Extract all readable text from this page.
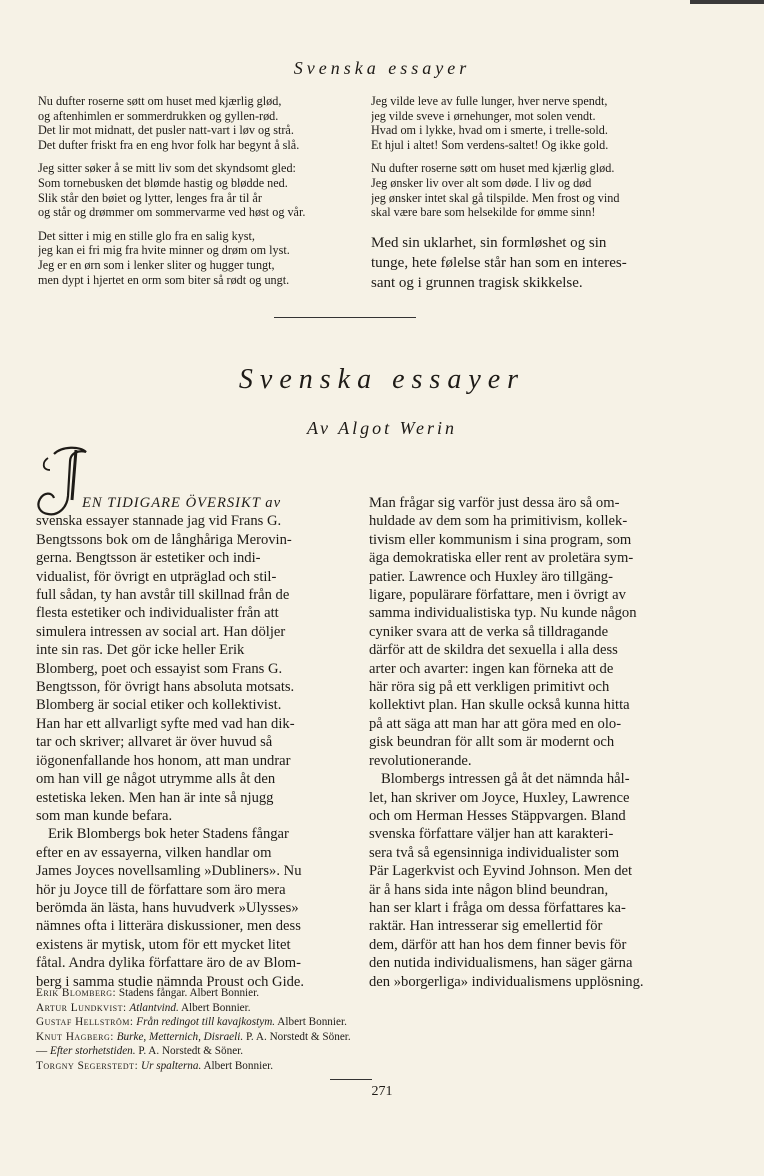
Svenska essayer

Nu dufter roserne søtt om huset med kjærlig glød,
og aftenhimlen er sommerdrukken og gyllen-rød.
Det lir mot midnatt, det pusler natt-vart i løv og strå.
Det dufter friskt fra en eng hvor folk har begynt å slå.

Jeg sitter søker å se mitt liv som det skyndsomt gled:
Som tornebusken det blømde hastig og blødde ned.
Slik står den bøiet og lytter, lenges fra år til år
og står og drømmer om sommervarme ved høst og vår.

Det sitter i mig en stille glo fra en salig kyst,
jeg kan ei fri mig fra hvite minner og drøm om lyst.
Jeg er en ørn som i lenker sliter og hugger tungt,
men dypt i hjertet en orm som biter så rødt og ungt.

Jeg vilde leve av fulle lunger, hver nerve spendt,
jeg vilde sveve i ørnehunger, mot solen vendt.
Hvad om i lykke, hvad om i smerte, i trelle-sold.
Et hjul i altet! Som verdens-saltet! Og ikke gold.

Nu dufter roserne søtt om huset med kjærlig glød.
Jeg ønsker liv over alt som døde. I liv og død
jeg ønsker intet skal gå tilspilde. Men frost og vind
skal være bare som helsekilde for ømme sinn!

Med sin uklarhet, sin formløshet og sin
tunge, hete følelse står han som en interes-
sant og i grunnen tragisk skikkelse.
Svenska essayer
Av Algot Werin
EN TIDIGARE ÖVERSIKT av
svenska essayer stannade jag vid Frans G.
Bengtssons bok om de långhåriga Merovin-
gerna. Bengtsson är estetiker och indi-
vidualist, för övrigt en utpräglad och stil-
full sådan, ty han avstår till skillnad från de
flesta estetiker och individualister från att
simulera intressen av social art. Han döljer
inte sin ras. Det gör icke heller Erik
Blomberg, poet och essayist som Frans G.
Bengtsson, för övrigt hans absoluta motsats.
Blomberg är social etiker och kollektivist.
Han har ett allvarligt syfte med vad han dik-
tar och skriver; allvaret är över huvud så
iögonenfallande hos honom, att man undrar
om han vill ge något utrymme alls åt den
estetiska leken. Men han är inte så njugg
som man kunde befara.
Erik Blombergs bok heter Stadens fångar
efter en av essayerna, vilken handlar om
James Joyces novellsamling »Dubliners». Nu
hör ju Joyce till de författare som äro mera
berömda än lästa, hans huvudverk »Ulysses»
nämnes ofta i litterära diskussioner, men dess
existens är mytisk, utom för ett mycket litet
fåtal. Andra dylika författare äro de av Blom-
berg i samma studie nämnda Proust och Gide.
Man frågar sig varför just dessa äro så om-
huldade av dem som ha primitivism, kollek-
tivism eller kommunism i sina program, som
äga demokratiska eller rent av proletära sym-
patier. Lawrence och Huxley äro tillgäng-
ligare, populärare författare, men i övrigt av
samma individualistiska typ. Nu kunde någon
cyniker svara att de verka så tilldragande
därför att de skildra det sexuella i alla dess
arter och avarter: ingen kan förneka att de
här röra sig på ett verkligen primitivt och
kollektivt plan. Han skulle också kunna hitta
på att säga att man har att göra med en olo-
gisk beundran för allt som är modernt och
revolutionerande.
Blombergs intressen gå åt det nämnda hål-
let, han skriver om Joyce, Huxley, Lawrence
och om Herman Hesses Stäppvargen. Bland
svenska författare väljer han att karakteri-
sera två så egensinniga individualister som
Pär Lagerkvist och Eyvind Johnson. Men det
är å hans sida inte någon blind beundran,
han ser klart i fråga om dessa författares ka-
raktär. Han intresserar sig emellertid för
dem, därför att han hos dem finner bevis för
den nutida individualismens, han säger gärna
den »borgerliga» individualismens upplösning.
Erik Blomberg: Stadens fångar. Albert Bonnier.
Artur Lundkvist: Atlantvind. Albert Bonnier.
Gustaf Hellström: Från redingot till kavajkostym. Albert Bonnier.
Knut Hagberg: Burke, Metternich, Disraeli. P. A. Norstedt & Söner.
— Efter storhetstiden. P. A. Norstedt & Söner.
Torgny Segerstedt: Ur spalterna. Albert Bonnier.
271
